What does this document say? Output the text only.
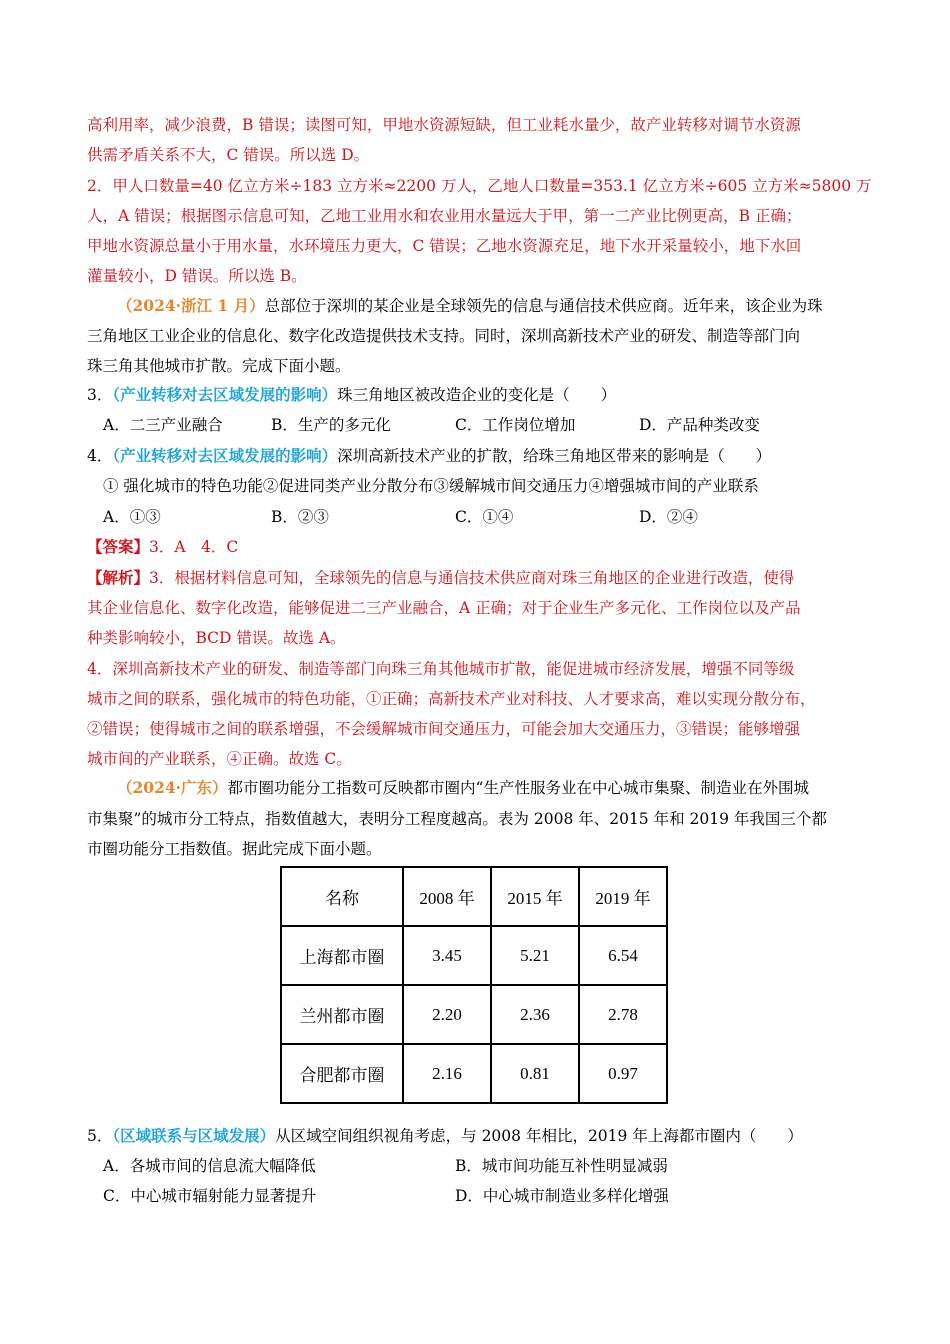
高利用率，减少浪费，B 错误；读图可知，甲地水资源短缺，但工业耗水量少，故产业转移对调节水资源
供需矛盾关系不大，C 错误。所以选 D。
2．甲人口数量=40 亿立方米÷183 立方米≈2200 万人，乙地人口数量=353.1 亿立方米÷605 立方米≈5800 万
人，A 错误；根据图示信息可知，乙地工业用水和农业用水量远大于甲，第一二产业比例更高，B 正确；
甲地水资源总量小于用水量，水环境压力更大，C 错误；乙地水资源充足，地下水开采量较小，地下水回
灌量较小，D 错误。所以选 B。
（2024·浙江 1 月）总部位于深圳的某企业是全球领先的信息与通信技术供应商。近年来，该企业为珠
三角地区工业企业的信息化、数字化改造提供技术支持。同时，深圳高新技术产业的研发、制造等部门向
珠三角其他城市扩散。完成下面小题。
3．（产业转移对去区域发展的影响）珠三角地区被改造企业的变化是（　　）
A．二三产业融合	B．生产的多元化	C．工作岗位增加	D．产品种类改变
4．（产业转移对去区域发展的影响）深圳高新技术产业的扩散，给珠三角地区带来的影响是（　　）
① 强化城市的特色功能②促进同类产业分散分布③缓解城市间交通压力④增强城市间的产业联系
A．①③	B．②③	C．①④	D．②④
【答案】3．A　4．C
【解析】3．根据材料信息可知，全球领先的信息与通信技术供应商对珠三角地区的企业进行改造，使得
其企业信息化、数字化改造，能够促进二三产业融合，A 正确；对于企业生产多元化、工作岗位以及产品
种类影响较小，BCD 错误。故选 A。
4．深圳高新技术产业的研发、制造等部门向珠三角其他城市扩散，能促进城市经济发展，增强不同等级
城市之间的联系，强化城市的特色功能，①正确；高新技术产业对科技、人才要求高，难以实现分散分布，
②错误；使得城市之间的联系增强，不会缓解城市间交通压力，可能会加大交通压力，③错误；能够增强
城市间的产业联系，④正确。故选 C。
（2024·广东）都市圈功能分工指数可反映都市圈内“生产性服务业在中心城市集聚、制造业在外围城
市集聚”的城市分工特点，指数值越大，表明分工程度越高。表为 2008 年、2015 年和 2019 年我国三个都
市圈功能分工指数值。据此完成下面小题。
名称	2008 年	2015 年	2019 年
上海都市圈	3.45	5.21	6.54
兰州都市圈	2.20	2.36	2.78
合肥都市圈	2.16	0.81	0.97
5．（区域联系与区域发展）从区域空间组织视角考虑，与 2008 年相比，2019 年上海都市圈内（　　）
A．各城市间的信息流大幅降低	B．城市间功能互补性明显减弱
C．中心城市辐射能力显著提升	D．中心城市制造业多样化增强
